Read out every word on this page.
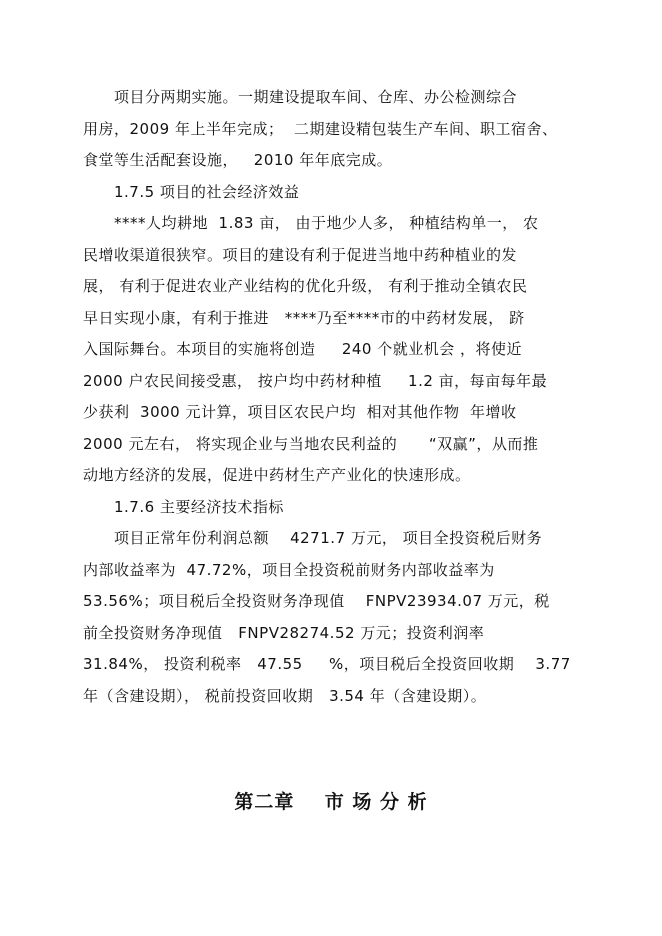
项目分两期实施。一期建设提取车间、仓库、办公检测综合
用房，2009 年上半年完成；  二期建设精包装生产车间、职工宿舍、
食堂等生活配套设施，   2010 年年底完成。
1.7.5 项目的社会经济效益
****人均耕地  1.83 亩， 由于地少人多， 种植结构单一， 农
民增收渠道很狭窄。项目的建设有利于促进当地中药种植业的发
展， 有利于促进农业产业结构的优化升级， 有利于推动全镇农民
早日实现小康，有利于推进   ****乃至****市的中药材发展， 跻
入国际舞台。本项目的实施将创造     240 个就业机会 ，将使近
2000 户农民间接受惠， 按户均中药材种植     1.2 亩，每亩每年最
少获利  3000 元计算，项目区农民户均  相对其他作物  年增收
2000 元左右， 将实现企业与当地农民利益的      “双赢”，从而推
动地方经济的发展，促进中药材生产产业化的快速形成。
1.7.6 主要经济技术指标
项目正常年份利润总额    4271.7 万元， 项目全投资税后财务
内部收益率为  47.72%，项目全投资税前财务内部收益率为
53.56%；项目税后全投资财务净现值    FNPV23934.07 万元，税
前全投资财务净现值   FNPV28274.52 万元；投资利润率
31.84%， 投资利税率   47.55     %，项目税后全投资回收期    3.77
年（含建设期）， 税前投资回收期   3.54 年（含建设期）。
第二章    市 场 分 析
